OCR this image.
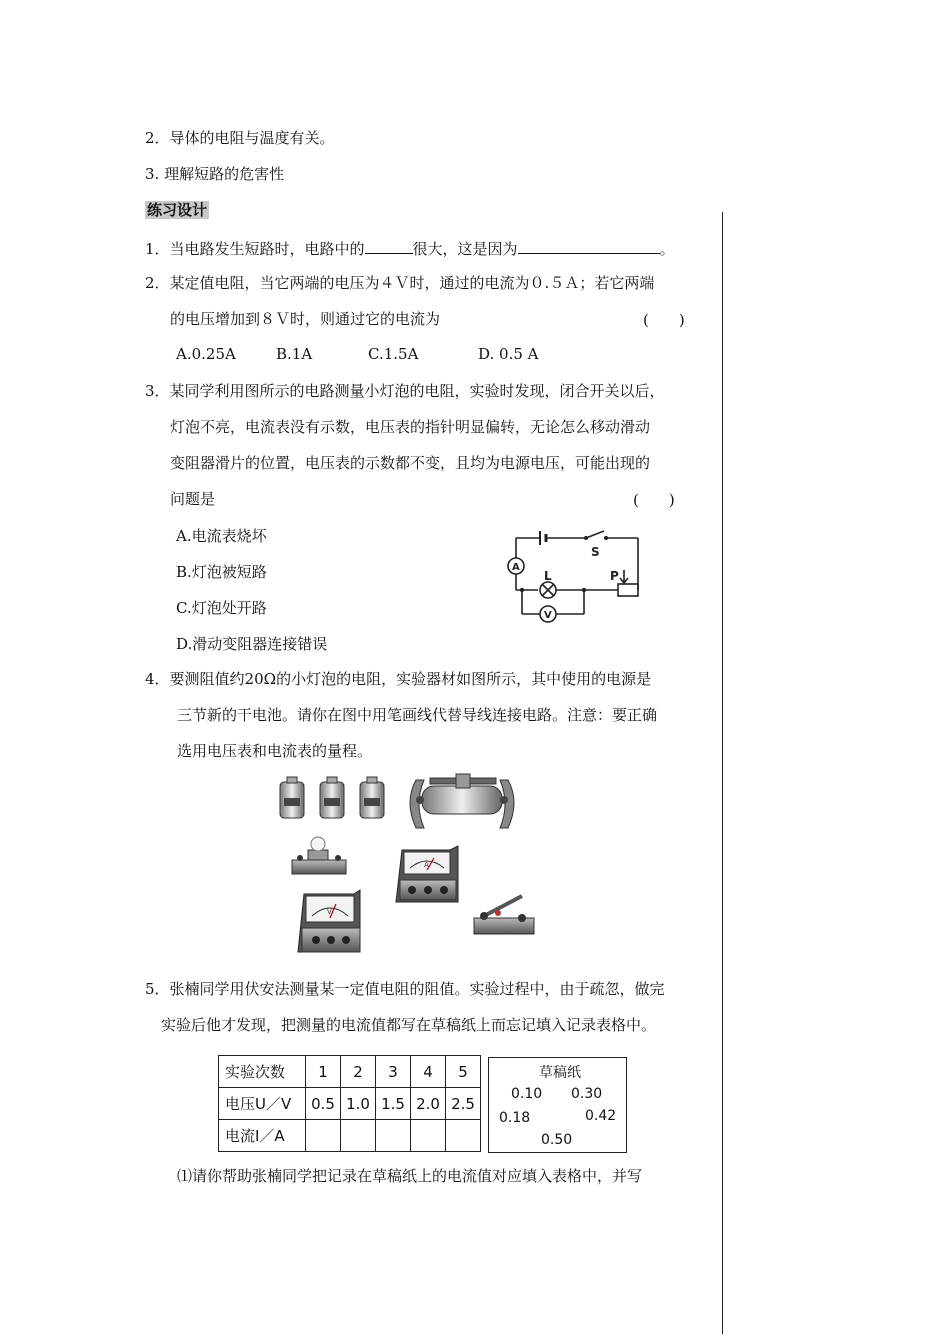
2．导体的电阻与温度有关。
3. 理解短路的危害性
练习设计
1．当电路发生短路时，电路中的	很大，这是因为	。
2．某定值电阻，当它两端的电压为４Ｖ时，通过的电流为０.５Ａ；若它两端
的电压增加到８Ｖ时，则通过它的电流为	(　　)
A.0.25A	B.1A	C.1.5A	D. 0.5 A
3．某同学利用图所示的电路测量小灯泡的电阻，实验时发现，闭合开关以后，
灯泡不亮，电流表没有示数，电压表的指针明显偏转，无论怎么移动滑动
变阻器滑片的位置，电压表的示数都不变，且均为电源电压，可能出现的
问题是	(　　)
A.电流表烧坏
B.灯泡被短路
C.灯泡处开路
D.滑动变阻器连接错误
S
L	P
A
V
4．要测阻值约20Ω的小灯泡的电阻，实验器材如图所示，其中使用的电源是
三节新的干电池。请你在图中用笔画线代替导线连接电路。注意：要正确
选用电压表和电流表的量程。
A
V
5．张楠同学用伏安法测量某一定值电阻的阻值。实验过程中，由于疏忽，做完
实验后他才发现，把测量的电流值都写在草稿纸上而忘记填入记录表格中。
实验次数	1	2	3	4	5
电压U／V	0.5	1.0	1.5	2.0	2.5
电流I／A					
草稿纸
0.10 0.30
0.18	0.42
0.50
⑴请你帮助张楠同学把记录在草稿纸上的电流值对应填入表格中，并写
